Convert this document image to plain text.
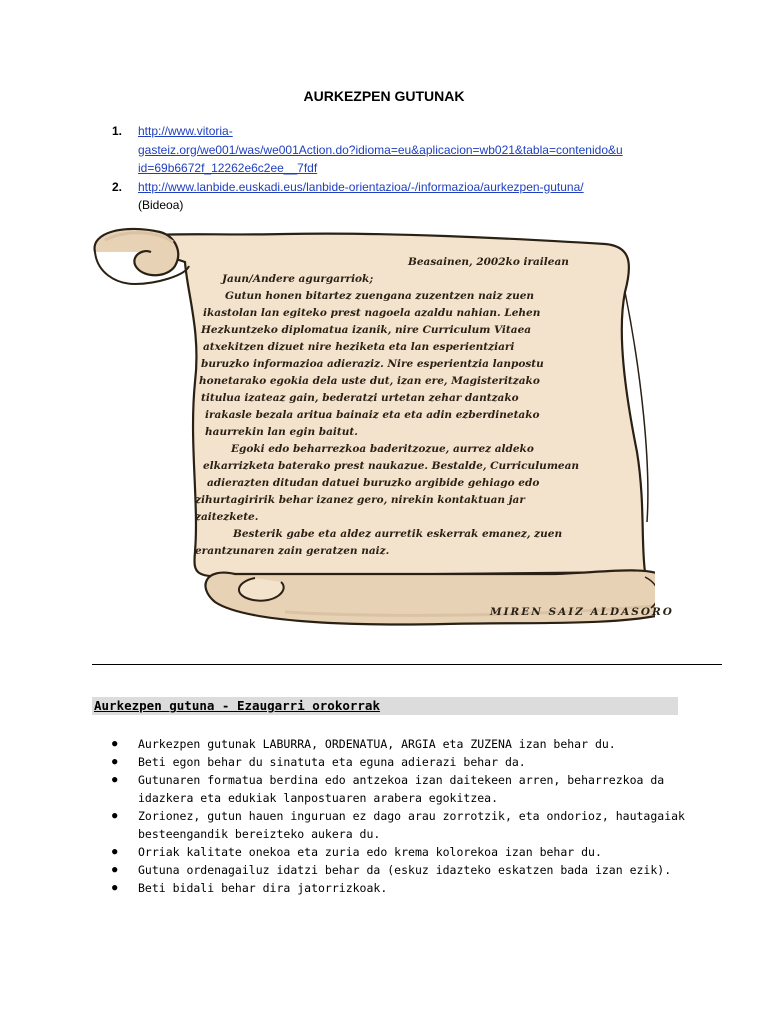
AURKEZPEN GUTUNAK
1.	http://www.vitoria-
gasteiz.org/we001/was/we001Action.do?idioma=eu&aplicacion=wb021&tabla=contenido&u
id=69b6672f_12262e6c2ee__7fdf
2.	http://www.lanbide.euskadi.eus/lanbide-orientazioa/-/informazioa/aurkezpen-gutuna/
(Bideoa)
Beasainen, 2002ko irailean
Jaun/Andere agurgarriok;
Gutun honen bitartez zuengana zuzentzen naiz zuen
ikastolan lan egiteko prest nagoela azaldu nahian. Lehen
Hezkuntzeko diplomatua izanik, nire Curriculum Vitaea
atxekitzen dizuet nire heziketa eta lan esperientziari
buruzko informazioa adieraziz. Nire esperientzia lanpostu
honetarako egokia dela uste dut, izan ere, Magisteritzako
titulua izateaz gain, bederatzi urtetan zehar dantzako
irakasle bezala aritua bainaiz eta eta adin ezberdinetako
haurrekin lan egin baitut.
Egoki edo beharrezkoa baderitzozue, aurrez aldeko
elkarrizketa baterako prest naukazue. Bestalde, Curriculumean
adierazten ditudan datuei buruzko argibide gehiago edo
zihurtagiririk behar izanez gero, nirekin kontaktuan jar
zaitezkete.
Besterik gabe eta aldez aurretik eskerrak emanez, zuen
erantzunaren zain geratzen naiz.
MIREN SAIZ ALDASORO
Aurkezpen gutuna - Ezaugarri orokorrak
●	Aurkezpen gutunak LABURRA, ORDENATUA, ARGIA eta ZUZENA izan behar du.
●	Beti egon behar du sinatuta eta eguna adierazi behar da.
●	Gutunaren formatua berdina edo antzekoa izan daitekeen arren, beharrezkoa da
idazkera eta edukiak lanpostuaren arabera egokitzea.
●	Zorionez, gutun hauen inguruan ez dago arau zorrotzik, eta ondorioz, hautagaiak
besteengandik bereizteko aukera du.
●	Orriak kalitate onekoa eta zuria edo krema kolorekoa izan behar du.
●	Gutuna ordenagailuz idatzi behar da (eskuz idazteko eskatzen bada izan ezik).
●	Beti bidali behar dira jatorrizkoak.
